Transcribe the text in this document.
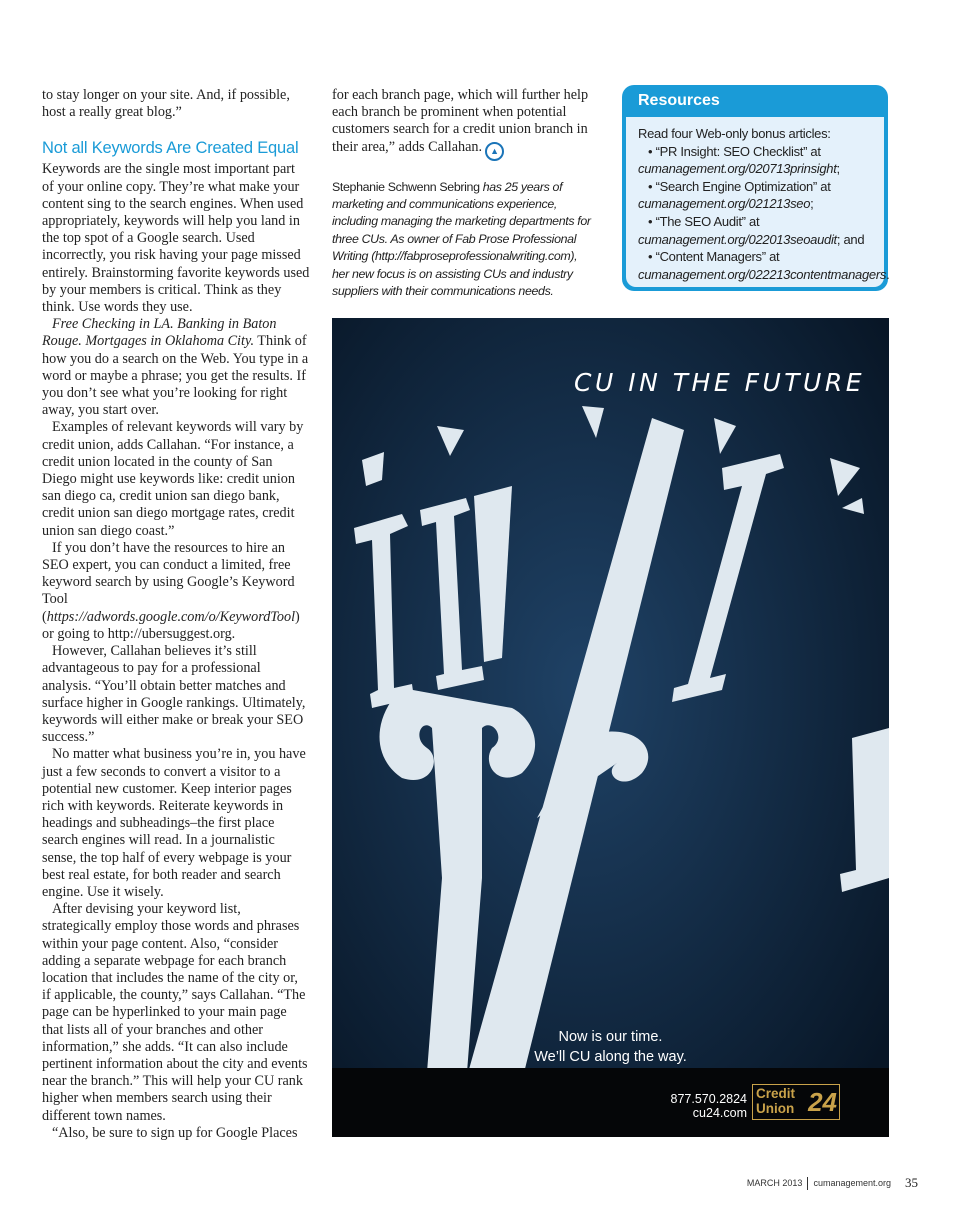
to stay longer on your site. And, if possible, host a really great blog.”

Not all Keywords Are Created Equal

Keywords are the single most important part of your online copy. They’re what make your content sing to the search engines. When used appropriately, keywords will help you land in the top spot of a Google search. Used incorrectly, you risk having your page missed entirely. Brainstorming favorite keywords used by your members is critical. Think as they think. Use words they use.

Free Checking in LA. Banking in Baton Rouge. Mortgages in Oklahoma City. Think of how you do a search on the Web. You type in a word or maybe a phrase; you get the results. If you don’t see what you’re looking for right away, you start over.

Examples of relevant keywords will vary by credit union, adds Callahan. “For instance, a credit union located in the county of San Diego might use keywords like: credit union san diego ca, credit union san diego bank, credit union san diego mortgage rates, credit union san diego coast.”

If you don’t have the resources to hire an SEO expert, you can conduct a limited, free keyword search by using Google’s Keyword Tool (https://adwords.google.com/o/KeywordTool) or going to http://ubersuggest.org.

However, Callahan believes it’s still advantageous to pay for a professional analysis. “You’ll obtain better matches and surface higher in Google rankings. Ultimately, keywords will either make or break your SEO success.”

No matter what business you’re in, you have just a few seconds to convert a visitor to a potential new customer. Keep interior pages rich with keywords. Reiterate keywords in headings and subheadings–the first place search engines will read. In a journalistic sense, the top half of every webpage is your best real estate, for both reader and search engine. Use it wisely.

After devising your keyword list, strategically employ those words and phrases within your page content. Also, “consider adding a separate webpage for each branch location that includes the name of the city or, if applicable, the county,” says Callahan. “The page can be hyperlinked to your main page that lists all of your branches and other information,” she adds. “It can also include pertinent information about the city and events near the branch.” This will help your CU rank higher when members search using their different town names.

“Also, be sure to sign up for Google Places

for each branch page, which will further help each branch be prominent when potential customers search for a credit union branch in their area,” adds Callahan. ▲

Stephanie Schwenn Sebring has 25 years of marketing and communications experience, including managing the marketing departments for three CUs. As owner of Fab Prose Professional Writing (http://fabproseprofessionalwriting.com), her new focus is on assisting CUs and industry suppliers with their communications needs.

Resources
Read four Web-only bonus articles:
• “PR Insight: SEO Checklist” at
cumanagement.org/020713prinsight;
• “Search Engine Optimization” at
cumanagement.org/021213seo;
• “The SEO Audit” at
cumanagement.org/022013seoaudit; and
• “Content Managers” at
cumanagement.org/022213contentmanagers.
CU IN THE FUTURE
Now is our time.
We’ll CU along the way.
877.570.2824
cu24.com
Credit
Union 24
MARCH 2013 cumanagement.org 35
